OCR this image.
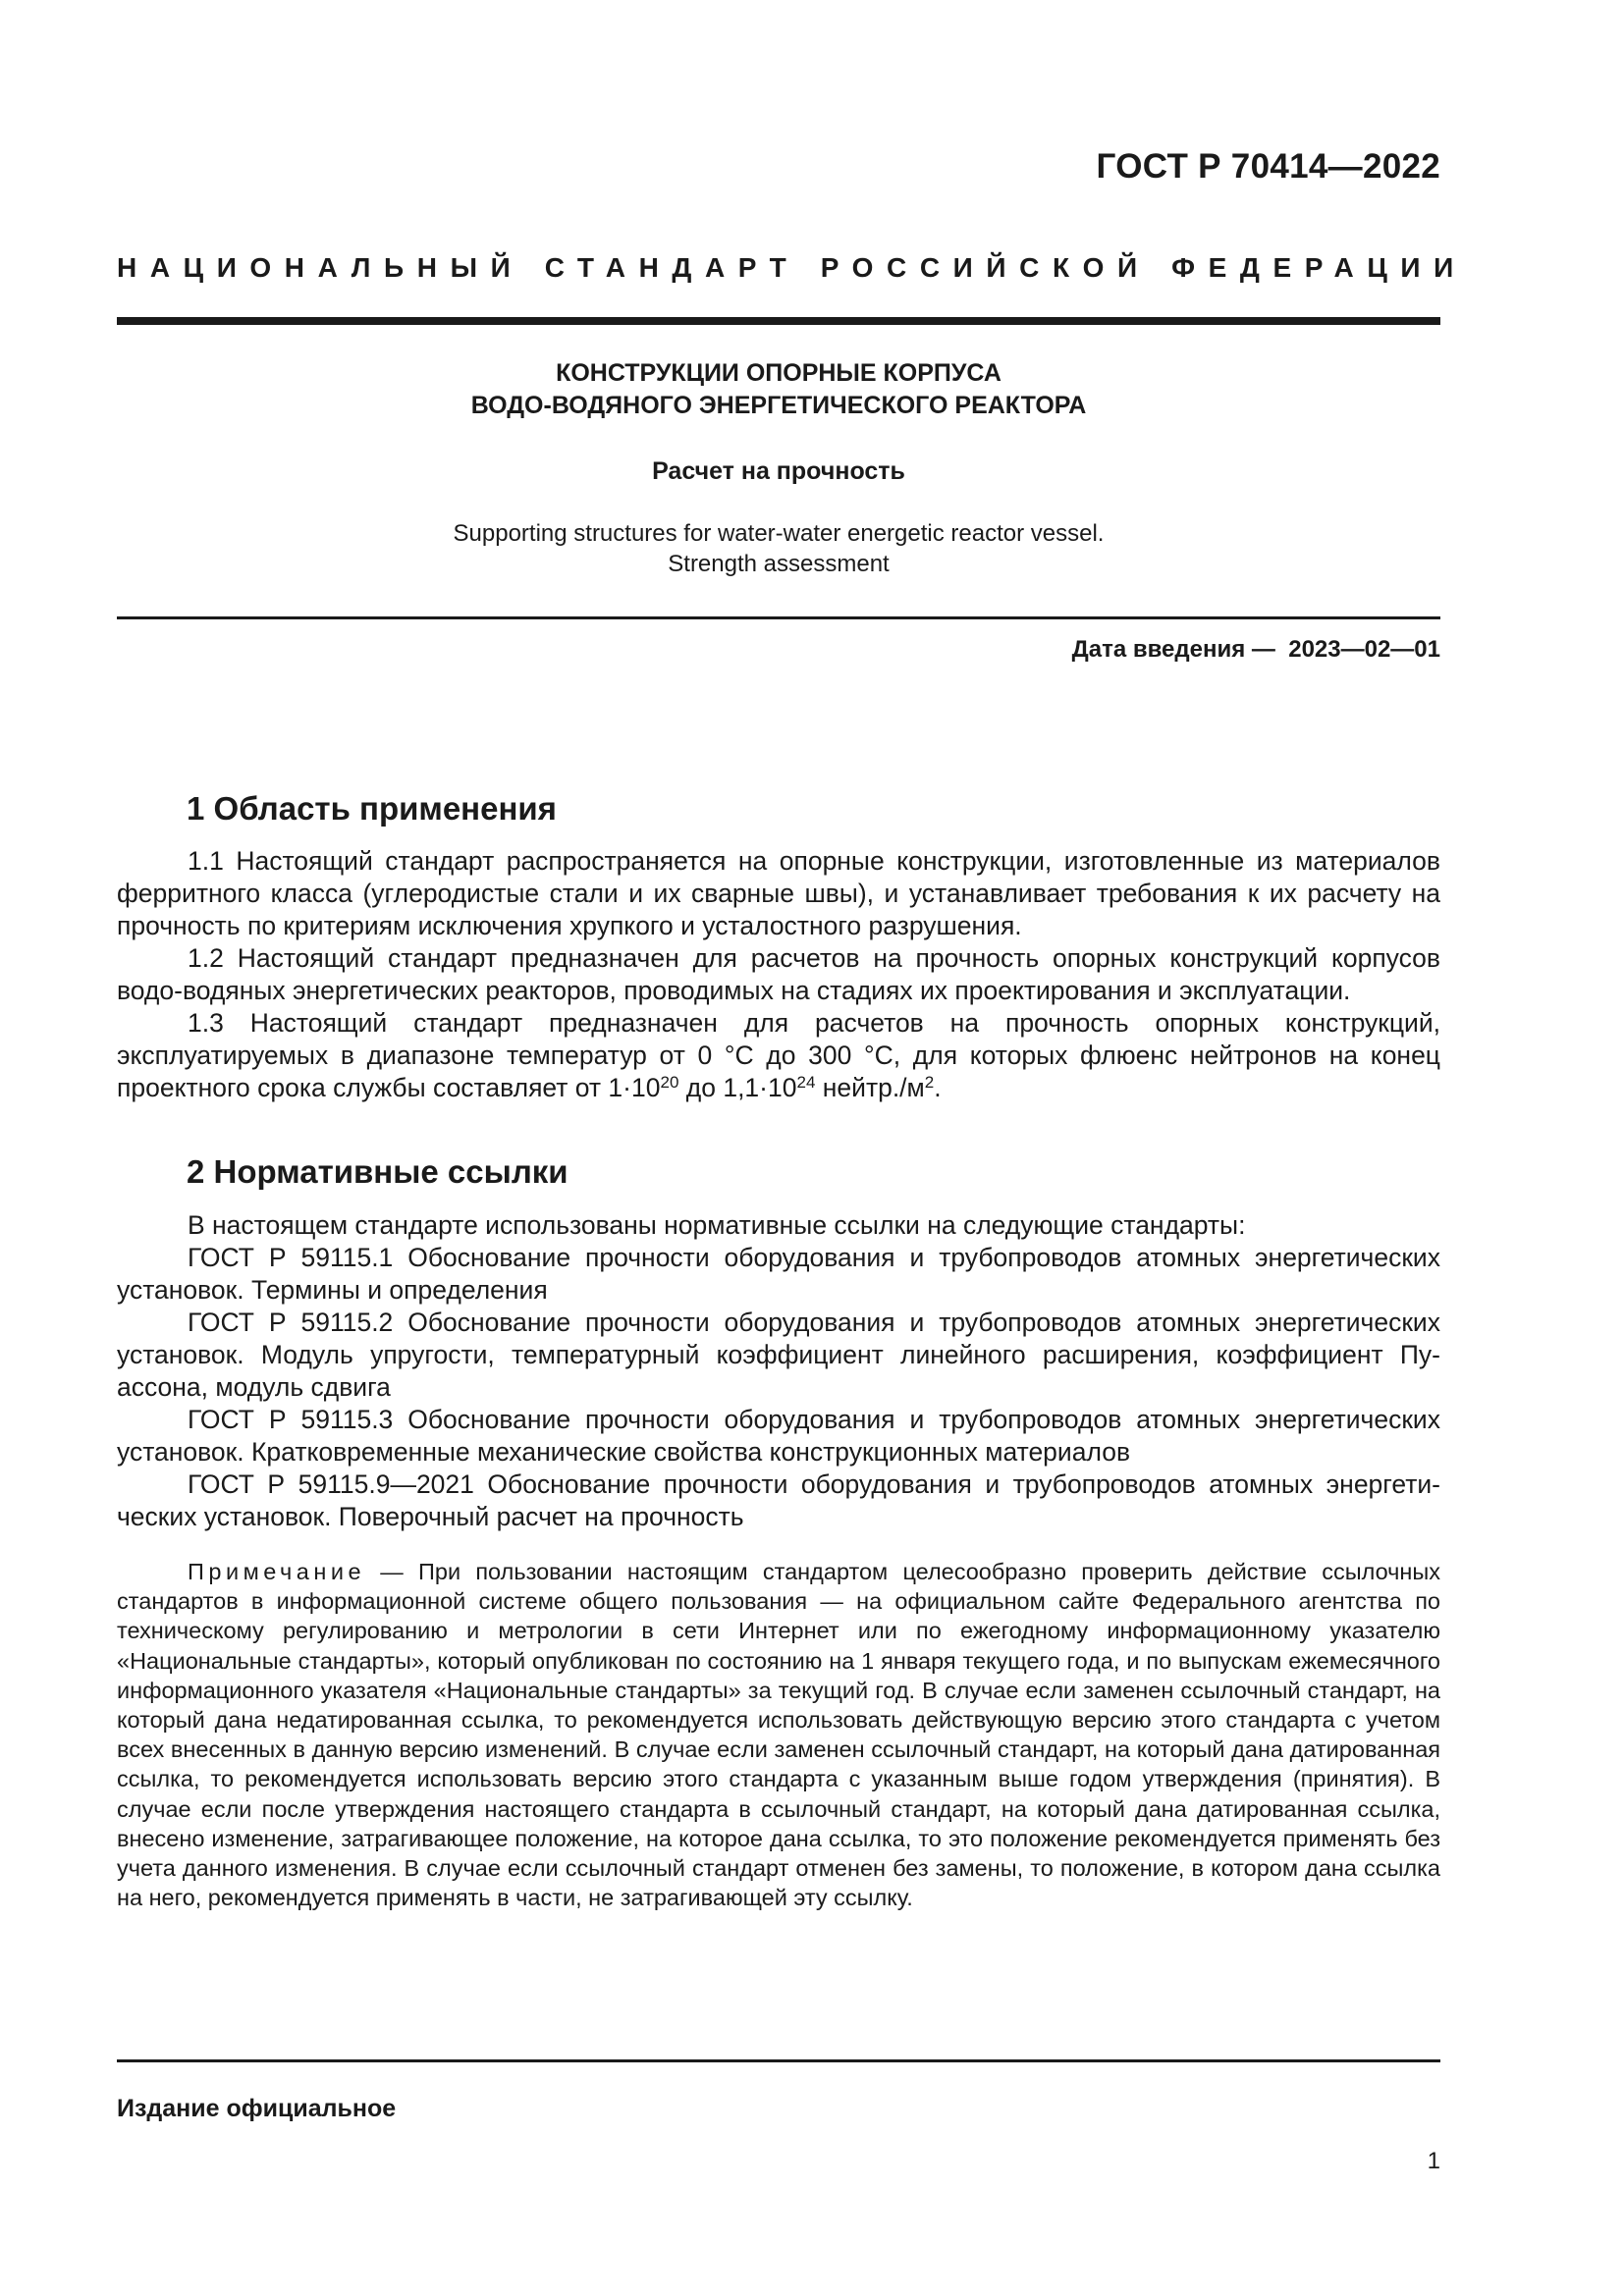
ГОСТ Р 70414—2022
НАЦИОНАЛЬНЫЙ СТАНДАРТ РОССИЙСКОЙ ФЕДЕРАЦИИ
КОНСТРУКЦИИ ОПОРНЫЕ КОРПУСА
ВОДО-ВОДЯНОГО ЭНЕРГЕТИЧЕСКОГО РЕАКТОРА
Расчет на прочность
Supporting structures for water-water energetic reactor vessel.
Strength assessment
Дата введения —  2023—02—01
1 Область применения

1.1 Настоящий стандарт распространяется на опорные конструкции, изготовленные из материалов ферритного класса (углеродистые стали и их сварные швы), и устанавливает требования к их расчету на прочность по критериям исключения хрупкого и усталостного разрушения.

1.2 Настоящий стандарт предназначен для расчетов на прочность опорных конструкций корпусов водо-водяных энергетических реакторов, проводимых на стадиях их проектирования и эксплуатации.

1.3 Настоящий стандарт предназначен для расчетов на прочность опорных конструкций, эксплуатируемых в диапазоне температур от 0 °С до 300 °С, для которых флюенс нейтронов на конец проектного срока службы составляет от $1\cdot 10^{20}$ до $1,1\cdot 10^{24}$ $нейтр./м^2$.

2 Нормативные ссылки
В настоящем стандарте использованы нормативные ссылки на следующие стандарты:
ГОСТ Р 59115.1 Обоснование прочности оборудования и трубопроводов атомных энергетических
установок. Термины и определения
ГОСТ Р 59115.2 Обоснование прочности оборудования и трубопроводов атомных энергетических
установок. Модуль упругости, температурный коэффициент линейного расширения, коэффициент Пу-
ассона, модуль сдвига
ГОСТ Р 59115.3 Обоснование прочности оборудования и трубопроводов атомных энергетических
установок. Кратковременные механические свойства конструкционных материалов
ГОСТ Р 59115.9—2021 Обоснование прочности оборудования и трубопроводов атомных энергети-
ческих установок. Поверочный расчет на прочность

Примечание — При пользовании настоящим стандартом целесообразно проверить действие ссылочных стандартов в информационной системе общего пользования — на официальном сайте Федерального агентства по техническому регулированию и метрологии в сети Интернет или по ежегодному информационному указателю «Национальные стандарты», который опубликован по состоянию на 1 января текущего года, и по выпускам ежемесячного информационного указателя «Национальные стандарты» за текущий год. В случае если заменен ссылочный стандарт, на который дана недатированная ссылка, то рекомендуется использовать действующую версию этого стандарта с учетом всех внесенных в данную версию изменений. В случае если заменен ссылочный стандарт, на который дана датированная ссылка, то рекомендуется использовать версию этого стандарта с указанным выше годом утверждения (принятия). В случае если после утверждения настоящего стандарта в ссылочный стандарт, на который дана датированная ссылка, внесено изменение, затрагивающее положение, на которое дана ссылка, то это положение рекомендуется применять без учета данного изменения. В случае если ссылочный стандарт отменен без замены, то положение, в котором дана ссылка на него, рекомендуется применять в части, не затрагивающей эту ссылку.

Издание официальное
1
